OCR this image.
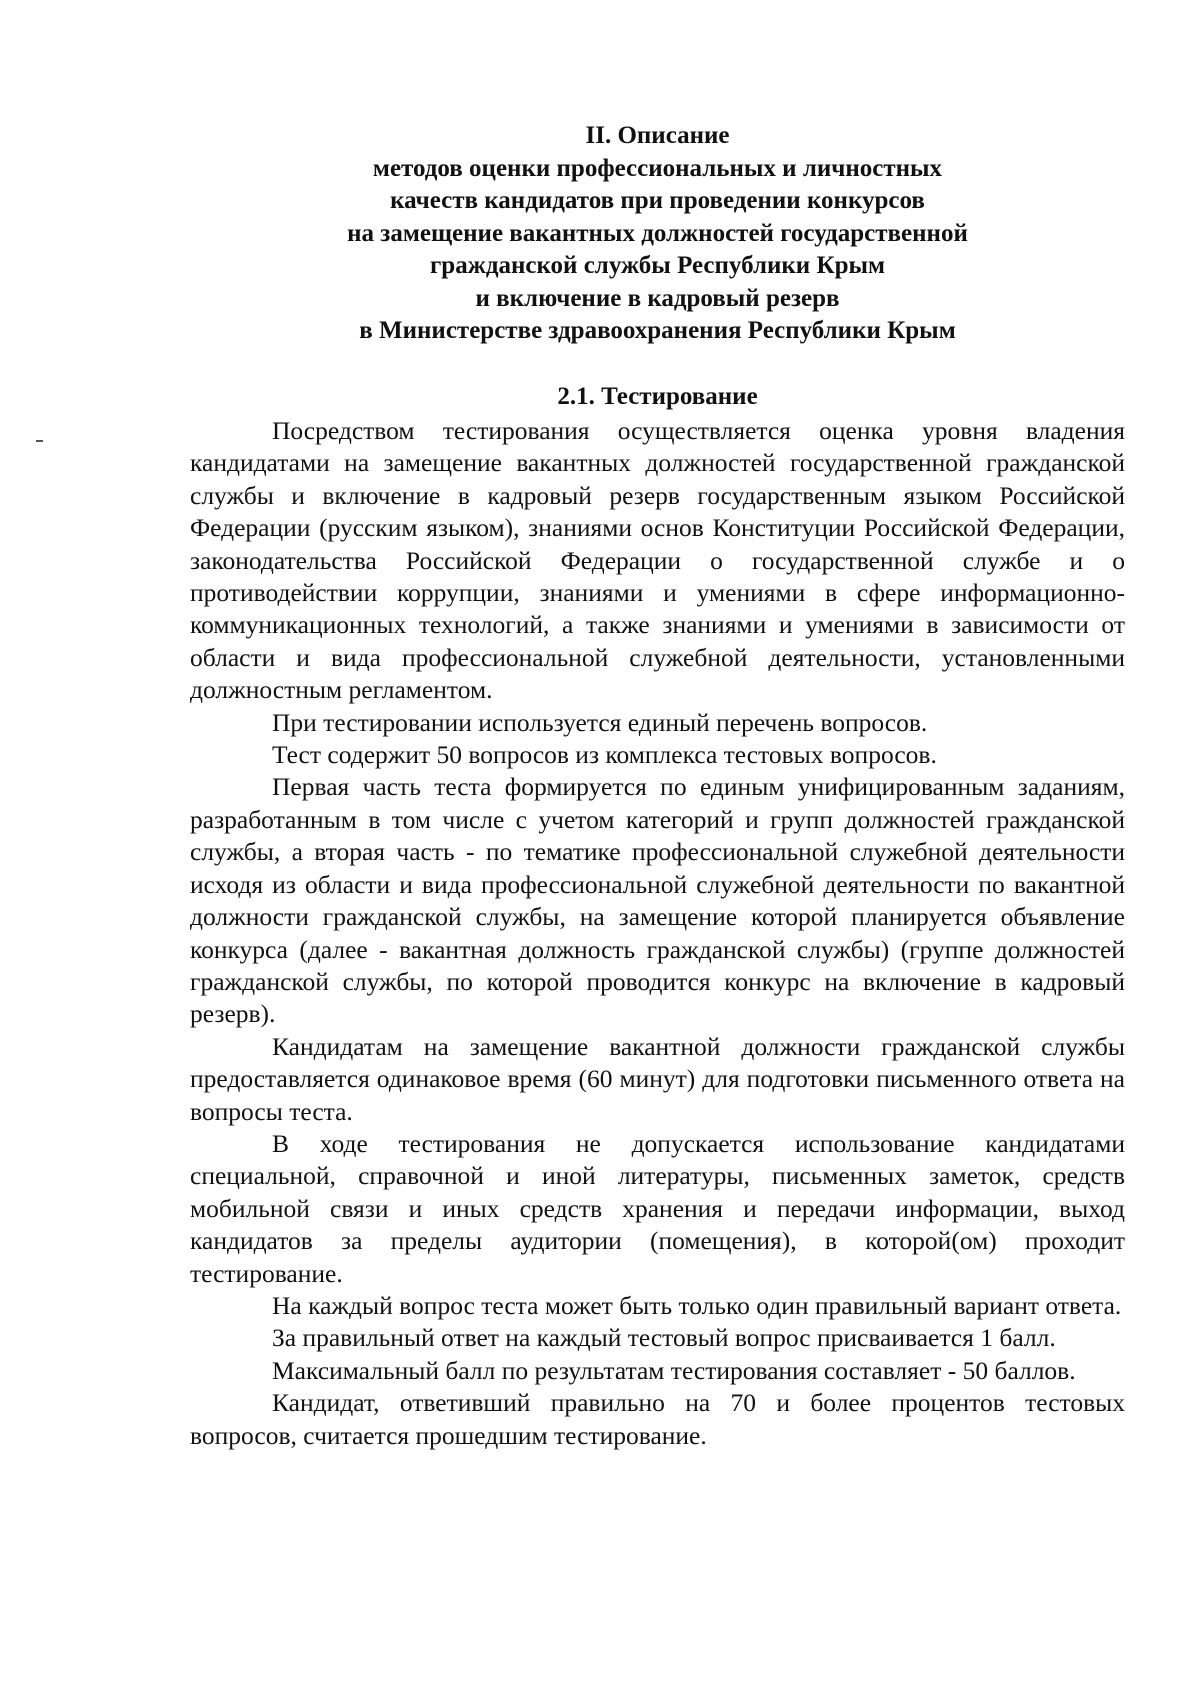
II. Описание
методов оценки профессиональных и личностных
качеств кандидатов при проведении конкурсов
на замещение вакантных должностей государственной
гражданской службы Республики Крым
и включение в кадровый резерв
в Министерстве здравоохранения Республики Крым
2.1. Тестирование

Посредством тестирования осуществляется оценка уровня владения кандидатами на замещение вакантных должностей государственной гражданской службы и включение в кадровый резерв государственным языком Российской Федерации (русским языком), знаниями основ Конституции Российской Федерации, законодательства Российской Федерации о государственной службе и о противодействии коррупции, знаниями и умениями в сфере информационно-коммуникационных технологий, а также знаниями и умениями в зависимости от области и вида профессиональной служебной деятельности, установленными должностным регламентом.

При тестировании используется единый перечень вопросов.

Тест содержит 50 вопросов из комплекса тестовых вопросов.

Первая часть теста формируется по единым унифицированным заданиям, разработанным в том числе с учетом категорий и групп должностей гражданской службы, а вторая часть - по тематике профессиональной служебной деятельности исходя из области и вида профессиональной служебной деятельности по вакантной должности гражданской службы, на замещение которой планируется объявление конкурса (далее - вакантная должность гражданской службы) (группе должностей гражданской службы, по которой проводится конкурс на включение в кадровый резерв).

Кандидатам на замещение вакантной должности гражданской службы предоставляется одинаковое время (60 минут) для подготовки письменного ответа на вопросы теста.

В ходе тестирования не допускается использование кандидатами специальной, справочной и иной литературы, письменных заметок, средств мобильной связи и иных средств хранения и передачи информации, выход кандидатов за пределы аудитории (помещения), в которой(ом) проходит тестирование.

На каждый вопрос теста может быть только один правильный вариант ответа.

За правильный ответ на каждый тестовый вопрос присваивается 1 балл.

Максимальный балл по результатам тестирования составляет - 50 баллов.

Кандидат, ответивший правильно на 70 и более процентов тестовых вопросов, считается прошедшим тестирование.
